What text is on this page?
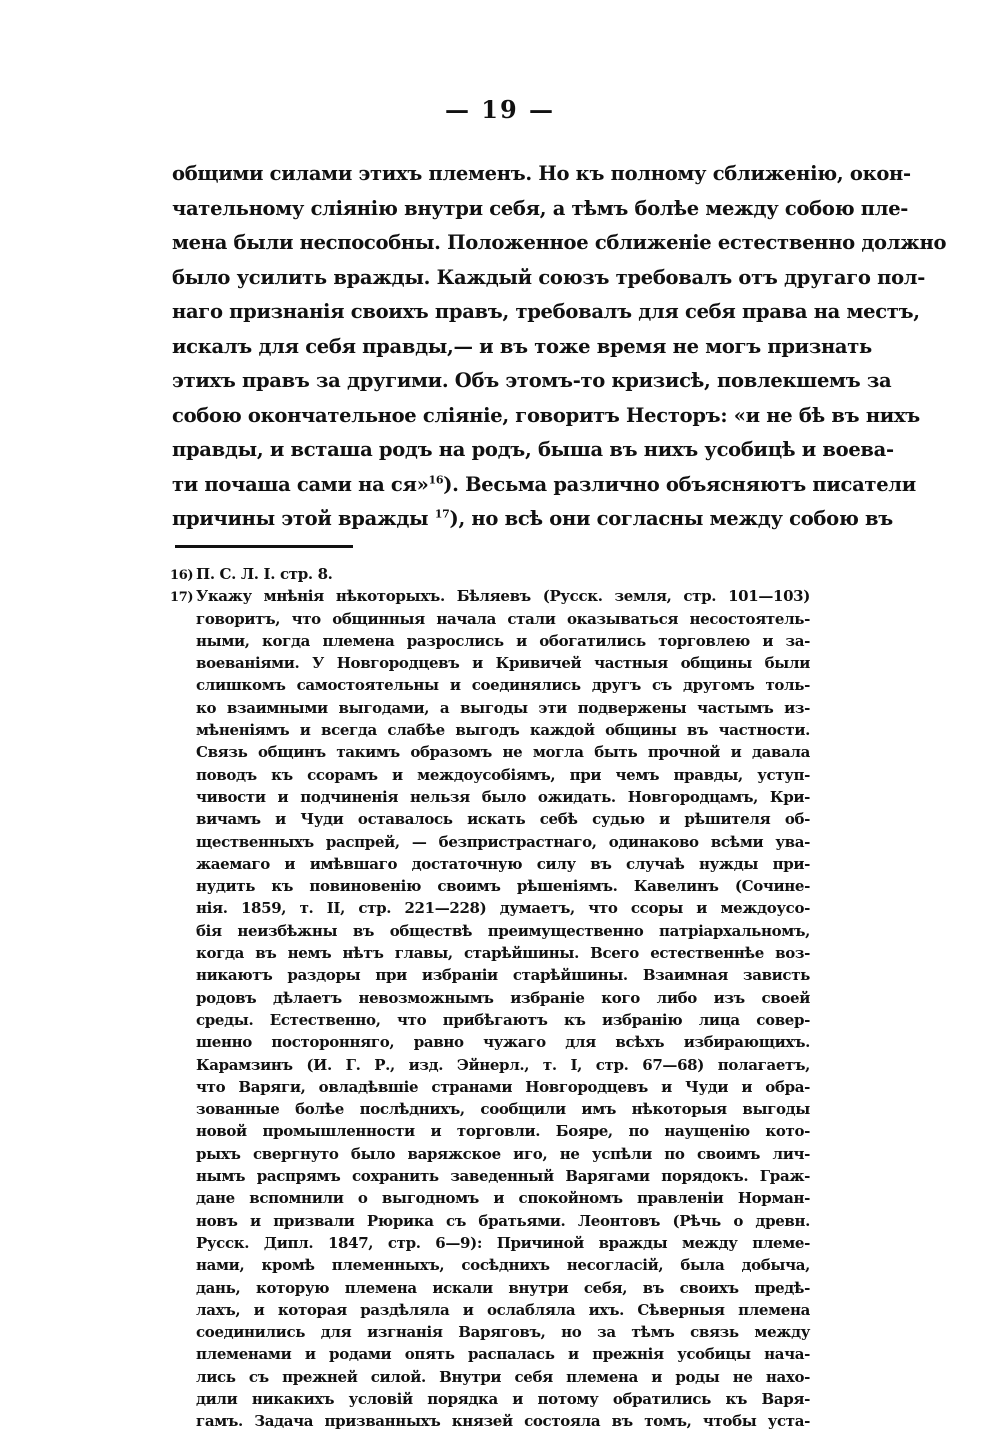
— 19 —
общими силами этихъ племенъ. Но къ полному сближенію, окон-
чательному сліянію внутри себя, а тѣмъ болѣе между собою пле-
мена были неспособны. Положенное сближеніе естественно должно
было усилить вражды. Каждый союзъ требовалъ отъ другаго пол-
наго признанія своихъ правъ, требовалъ для себя права на местъ,
искалъ для себя правды,— и въ тоже время не могъ признать
этихъ правъ за другими. Объ этомъ-то кризисѣ, повлекшемъ за
собою окончательное сліяніе, говоритъ Несторъ: «и не бѣ въ нихъ
правды, и всташа родъ на родъ, быша въ нихъ усобицѣ и воева-
ти почаша сами на ся»$^{16}$). Весьма различно объясняютъ писатели
причины этой вражды $^{17}$), но всѣ они согласны между собою въ
16) П. С. Л. I. стр. 8.
17) Укажу мнѣнія нѣкоторыхъ. Бѣляевъ (Русск. земля, стр. 101—103)
говоритъ, что общинныя начала стали оказываться несостоятель-
ными, когда племена разрослись и обогатились торговлею и за-
воеваніями. У Новгородцевъ и Кривичей частныя общины были
слишкомъ самостоятельны и соединялись другъ съ другомъ толь-
ко взаимными выгодами, а выгоды эти подвержены частымъ из-
мѣненіямъ и всегда слабѣе выгодъ каждой общины въ частности.
Связь общинъ такимъ образомъ не могла быть прочной и давала
поводъ къ ссорамъ и междоусобіямъ, при чемъ правды, уступ-
чивости и подчиненія нельзя было ожидать. Новгородцамъ, Кри-
вичамъ и Чуди оставалось искать себѣ судью и рѣшителя об-
щественныхъ распрей, — безпристрастнаго, одинаково всѣми ува-
жаемаго и имѣвшаго достаточную силу въ случаѣ нужды при-
нудить къ повиновенію своимъ рѣшеніямъ. Кавелинъ (Сочине-
нія. 1859, т. II, стр. 221—228) думаетъ, что ссоры и междоусо-
бія неизбѣжны въ обществѣ преимущественно патріархальномъ,
когда въ немъ нѣтъ главы, старѣйшины. Всего естественнѣе воз-
никаютъ раздоры при избраніи старѣйшины. Взаимная зависть
родовъ дѣлаетъ невозможнымъ избраніе кого либо изъ своей
среды. Естественно, что прибѣгаютъ къ избранію лица совер-
шенно посторонняго, равно чужаго для всѣхъ избирающихъ.
Карамзинъ (И. Г. Р., изд. Эйнерл., т. I, стр. 67—68) полагаетъ,
что Варяги, овладѣвшіе странами Новгородцевъ и Чуди и обра-
зованные болѣе послѣднихъ, сообщили имъ нѣкоторыя выгоды
новой промышленности и торговли. Бояре, по наущенію кото-
рыхъ свергнуто было варяжское иго, не успѣли по своимъ лич-
нымъ распрямъ сохранить заведенный Варягами порядокъ. Граж-
дане вспомнили о выгодномъ и спокойномъ правленіи Норман-
новъ и призвали Рюрика съ братьями. Леонтовъ (Рѣчь о древн.
Русск. Дипл. 1847, стр. 6—9): Причиной вражды между племе-
нами, кромѣ племенныхъ, сосѣднихъ несогласій, была добыча,
дань, которую племена искали внутри себя, въ своихъ предѣ-
лахъ, и которая раздѣляла и ослабляла ихъ. Сѣверныя племена
соединились для изгнанія Варяговъ, но за тѣмъ связь между
племенами и родами опять распалась и прежнія усобицы нача-
лись съ прежней силой. Внутри себя племена и роды не нахо-
дили никакихъ условій порядка и потому обратились къ Варя-
гамъ. Задача призванныхъ князей состояла въ томъ, чтобы уста-
